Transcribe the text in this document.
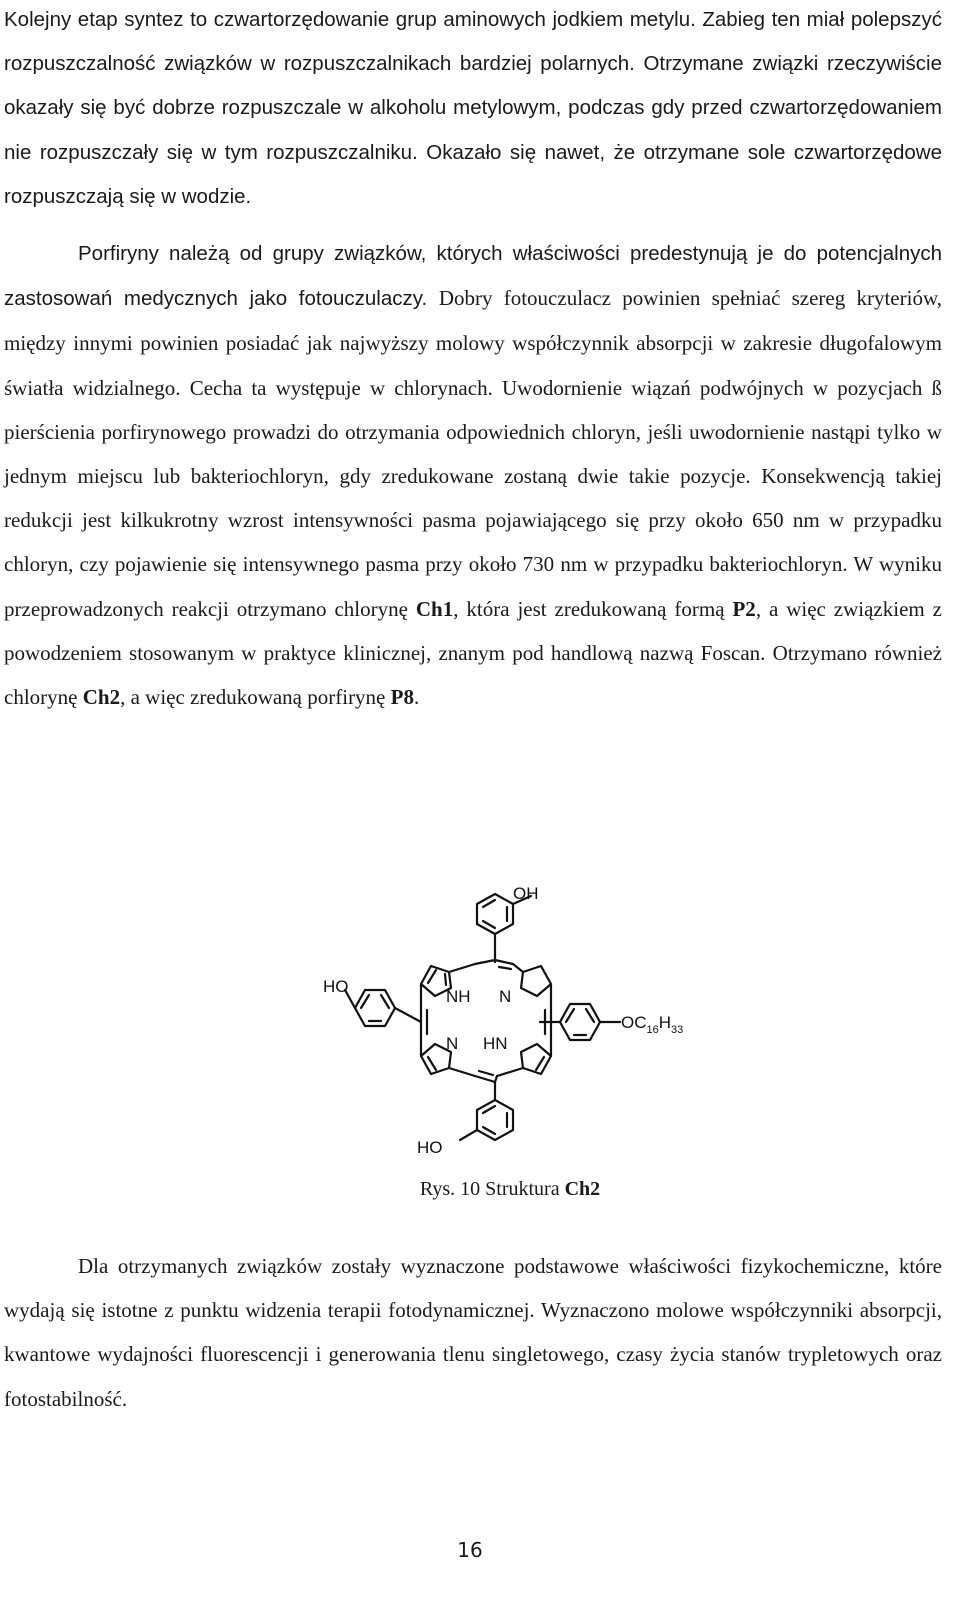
Kolejny etap syntez to czwartorzędowanie grup aminowych jodkiem metylu. Zabieg ten miał polepszyć rozpuszczalność związków w rozpuszczalnikach bardziej polarnych. Otrzymane związki rzeczywiście okazały się być dobrze rozpuszczale w alkoholu metylowym, podczas gdy przed czwartorzędowaniem nie rozpuszczały się w tym rozpuszczalniku. Okazało się nawet, że otrzymane sole czwartorzędowe rozpuszczają się w wodzie.

Porfiryny należą od grupy związków, których właściwości predestynują je do potencjalnych zastosowań medycznych jako fotouczulaczy. Dobry fotouczulacz powinien spełniać szereg kryteriów, między innymi powinien posiadać jak najwyższy molowy współczynnik absorpcji w zakresie długofalowym światła widzialnego. Cecha ta występuje w chlorynach. Uwodornienie wiązań podwójnych w pozycjach ß pierścienia porfirynowego prowadzi do otrzymania odpowiednich chloryn, jeśli uwodornienie nastąpi tylko w jednym miejscu lub bakteriochloryn, gdy zredukowane zostaną dwie takie pozycje. Konsekwencją takiej redukcji jest kilkukrotny wzrost intensywności pasma pojawiającego się przy około 650 nm w przypadku chloryn, czy pojawienie się intensywnego pasma przy około 730 nm w przypadku bakteriochloryn. W wyniku przeprowadzonych reakcji otrzymano chlorynę Ch1, która jest zredukowaną formą P2, a więc związkiem z powodzeniem stosowanym w praktyce klinicznej, znanym pod handlową nazwą Foscan. Otrzymano również chlorynę Ch2, a więc zredukowaną porfirynę P8.

OH
HO
HO
NH N
N HN
$OC_{16}H_{33}$
Rys. 10 Struktura Ch2

Dla otrzymanych związków zostały wyznaczone podstawowe właściwości fizykochemiczne, które wydają się istotne z punktu widzenia terapii fotodynamicznej. Wyznaczono molowe współczynniki absorpcji, kwantowe wydajności fluorescencji i generowania tlenu singletowego, czasy życia stanów trypletowych oraz fotostabilność.

16
